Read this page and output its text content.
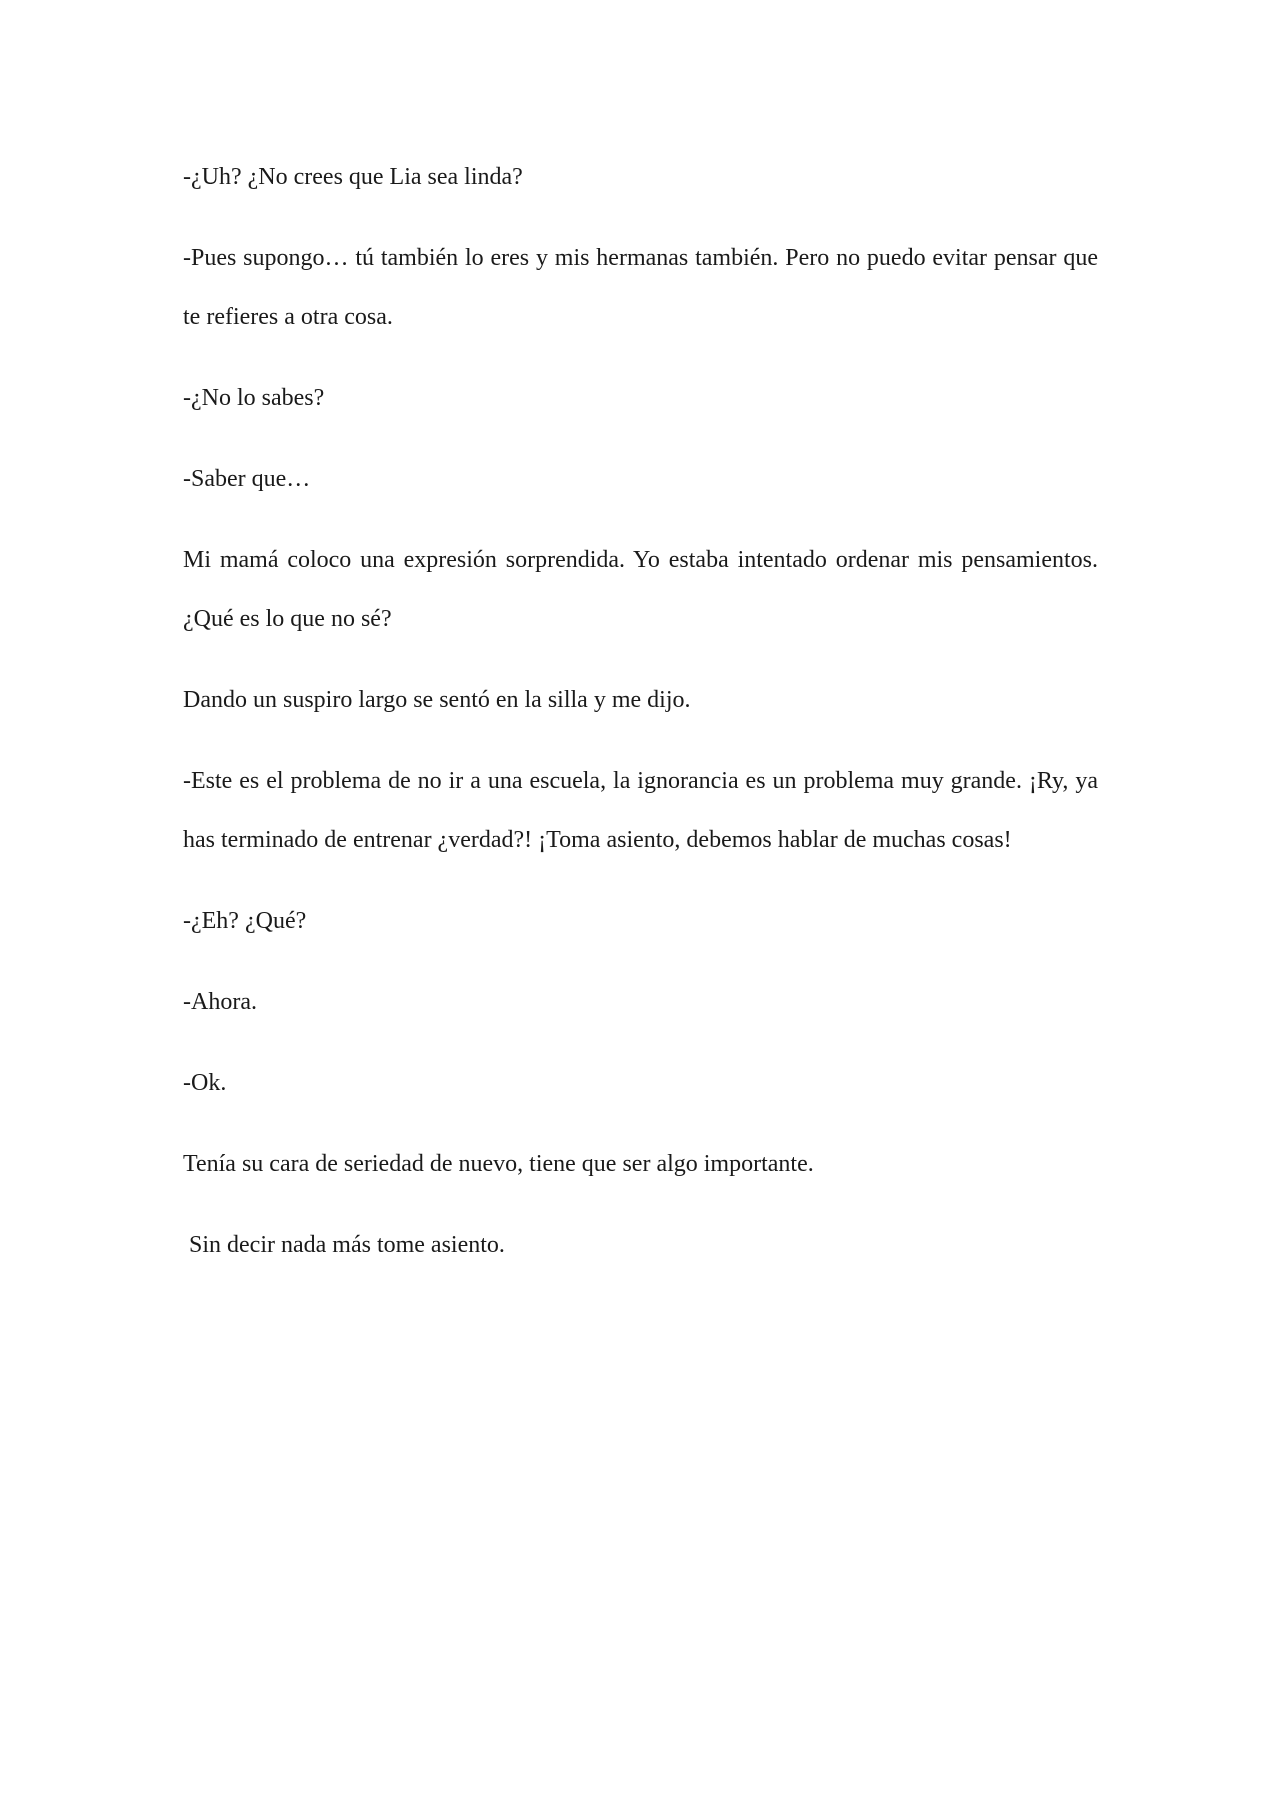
-¿Uh? ¿No crees que Lia sea linda?

-Pues supongo… tú también lo eres y mis hermanas también. Pero no puedo evitar pensar que te refieres a otra cosa.

-¿No lo sabes?

-Saber que…

Mi mamá coloco una expresión sorprendida. Yo estaba intentado ordenar mis pensamientos. ¿Qué es lo que no sé?

Dando un suspiro largo se sentó en la silla y me dijo.

-Este es el problema de no ir a una escuela, la ignorancia es un problema muy grande. ¡Ry, ya has terminado de entrenar ¿verdad?! ¡Toma asiento, debemos hablar de muchas cosas!

-¿Eh? ¿Qué?

-Ahora.

-Ok.

Tenía su cara de seriedad de nuevo, tiene que ser algo importante.

Sin decir nada más tome asiento.
